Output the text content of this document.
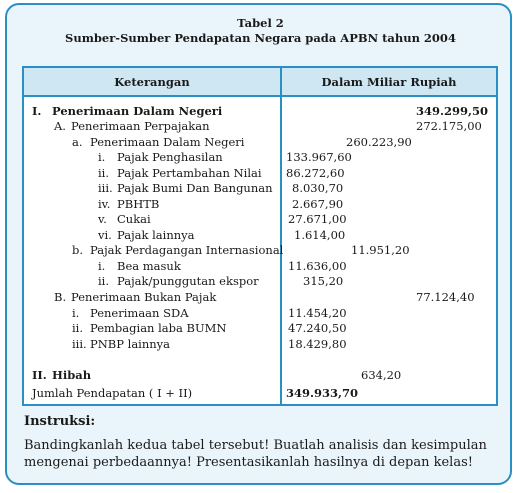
Tabel 2
Sumber-Sumber Pendapatan Negara pada APBN tahun 2004
Keterangan	Dalam Miliar Rupiah
I. Penerimaan Dalam Negeri	349.299,50
A. Penerimaan Perpajakan	272.175,00
a. Penerimaan Dalam Negeri	260.223,90
i. Pajak Penghasilan	133.967,60
ii. Pajak Pertambahan Nilai 86.272,60
iii. Pajak Bumi Dan Bangunan 8.030,70
iv. PBHTB	2.667,90
v. Cukai	27.671,00
vi. Pajak lainnya	1.614,00
b. Pajak Perdagangan Internasional	11.951,20
i. Bea masuk	11.636,00
ii. Pajak/punggutan ekspor	315,20
B. Penerimaan Bukan Pajak	77.124,40
i. Penerimaan SDA	11.454,20
ii. Pembagian laba BUMN	47.240,50
iii. PNBP lainnya	18.429,80
II. Hibah	634,20
Jumlah Pendapatan ( I + II)	349.933,70
Instruksi:
Bandingkanlah kedua tabel tersebut! Buatlah analisis dan kesimpulan mengenai perbedaannya! Presentasikanlah hasilnya di depan kelas!
